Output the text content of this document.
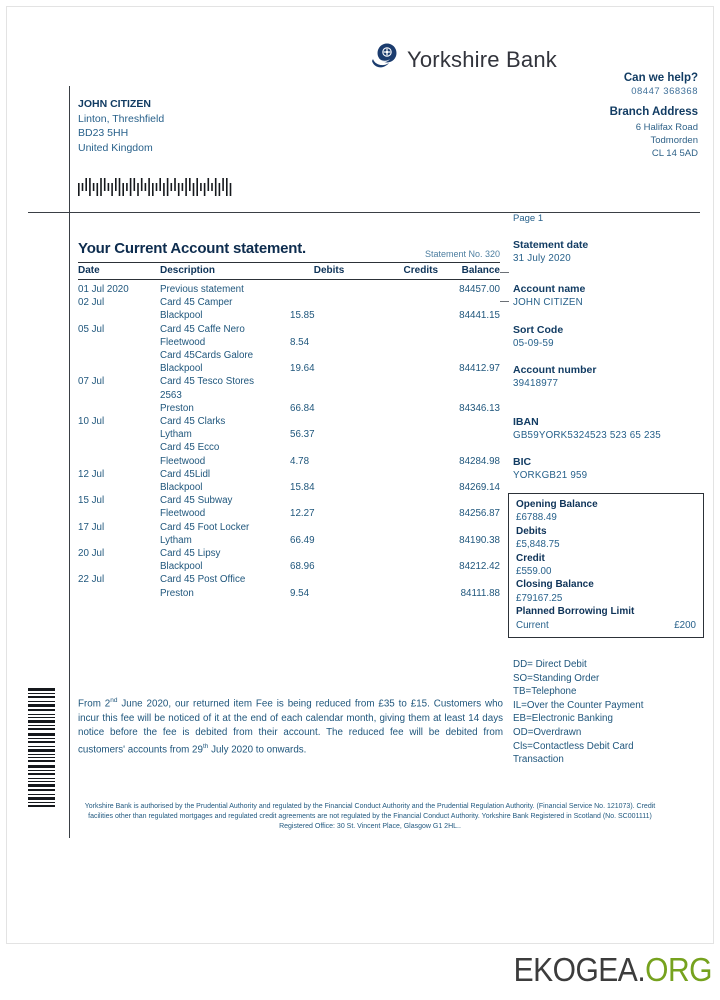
Yorkshire Bank
Can we help?
08447 368368
Branch Address
6 Halifax Road
Todmorden
CL 14 5AD
JOHN CITIZEN
Linton, Threshfield
BD23 5HH
United Kingdom
Your Current Account statement.	Statement No. 320
Date	Description	Debits	Credits	Balance
01 Jul 2020	Previous statement	84457.00
02 Jul	Card 45 Camper
Blackpool	15.85	84441.15
05 Jul	Card 45 Caffe Nero
Fleetwood	8.54
Card 45Cards Galore
Blackpool	19.64	84412.97
07 Jul	Card 45 Tesco Stores
2563
Preston	66.84	84346.13
10 Jul	Card 45 Clarks
Lytham	56.37
Card 45 Ecco
Fleetwood	4.78	84284.98
12 Jul	Card 45Lidl
Blackpool	15.84	84269.14
15 Jul	Card 45 Subway
Fleetwood	12.27	84256.87
17 Jul	Card 45 Foot Locker
Lytham	66.49	84190.38
20 Jul	Card 45 Lipsy
Blackpool	68.96	84212.42
22 Jul	Card 45 Post Office
Preston	9.54	84111.88
From 2nd June 2020, our returned item Fee is being reduced from £35 to £15. Customers who incur this fee will be noticed of it at the end of each calendar month, giving them at least 14 days notice before the fee is debited from their account. The reduced fee will be debited from customers' accounts from 29th July 2020 to onwards.
Yorkshire Bank is authorised by the Prudential Authority and regulated by the Financial Conduct Authority and the Prudential Regulation Authority. (Financial Service No. 121073). Credit
facilities other than regulated mortgages and regulated credit agreements are not regulated by the Financial Conduct Authority. Yorkshire Bank Registered in Scotland (No. SC001111)
Registered Office: 30 St. Vincent Place, Glasgow G1 2HL..
Page 1
Statement date
31 July 2020
Account name
JOHN CITIZEN
Sort Code
05-09-59
Account number
39418977
IBAN
GB59YORK5324523 523 65 235
BIC
YORKGB21 959
Opening Balance
£6788.49
Debits
£5,848.75
Credit
£559.00
Closing Balance
£79167.25
Planned Borrowing Limit
Current	£200
DD= Direct Debit
SO=Standing Order
TB=Telephone
IL=Over the Counter Payment
EB=Electronic Banking
OD=Overdrawn
Cls=Contactless Debit Card Transaction
EKOGEA.ORG
